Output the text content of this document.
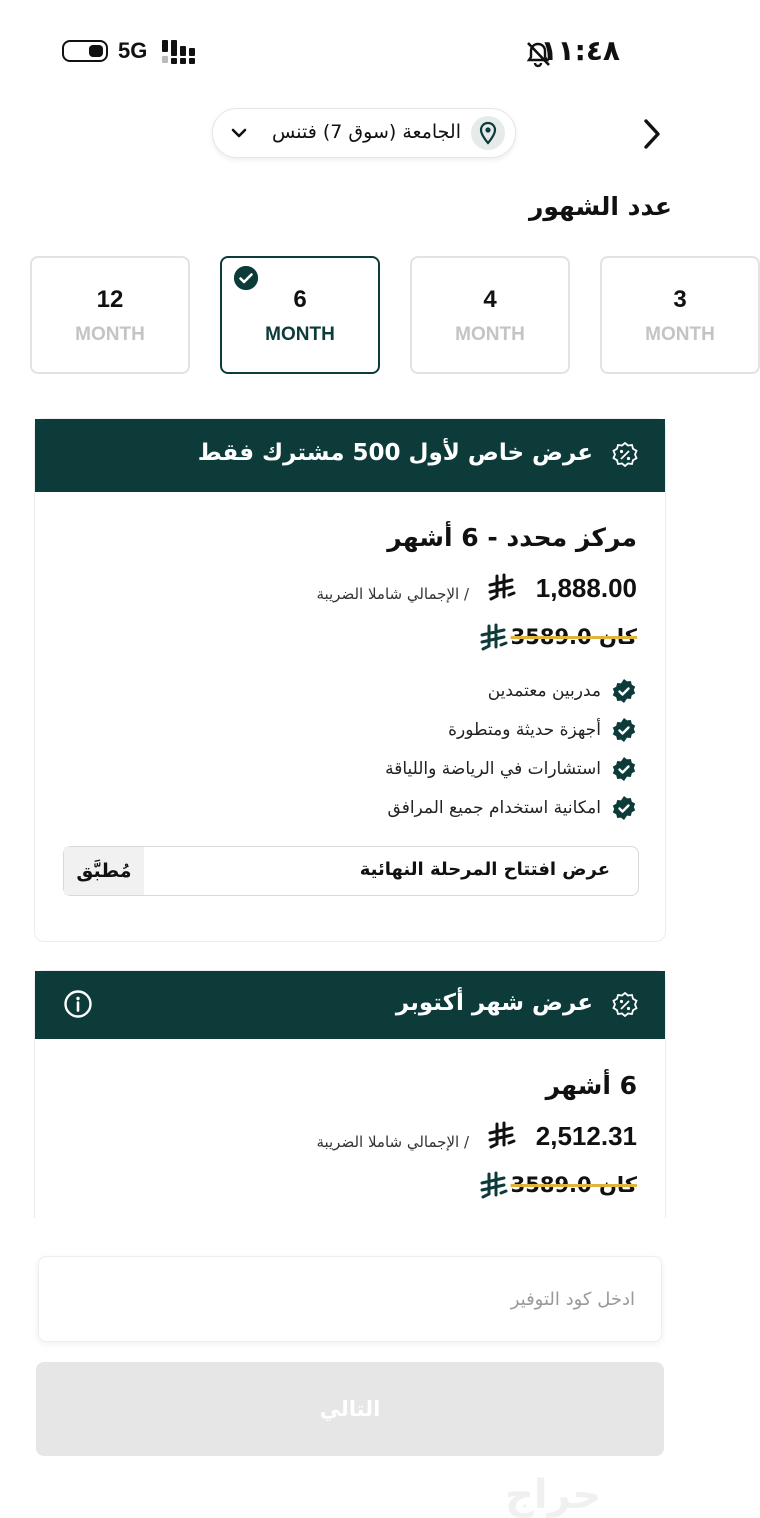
5G	١١:٤٨
الجامعة (سوق 7) فتنس
عدد الشهور
12
MONTH
6
MONTH
4
MONTH
3
MONTH
عرض خاص لأول 500 مشترك فقط
مركز محدد - 6 أشهر
1,888.00
/ الإجمالي شاملا الضريبة
كان 3589.0
مدربين معتمدين
أجهزة حديثة ومتطورة
استشارات في الرياضة واللياقة
امكانية استخدام جميع المرافق
عرض افتتاح المرحلة النهائية
مُطبَّق
عرض شهر أكتوبر
6 أشهر
2,512.31
/ الإجمالي شاملا الضريبة
كان 3589.0
ادخل كود التوفير
التالي
حراج
